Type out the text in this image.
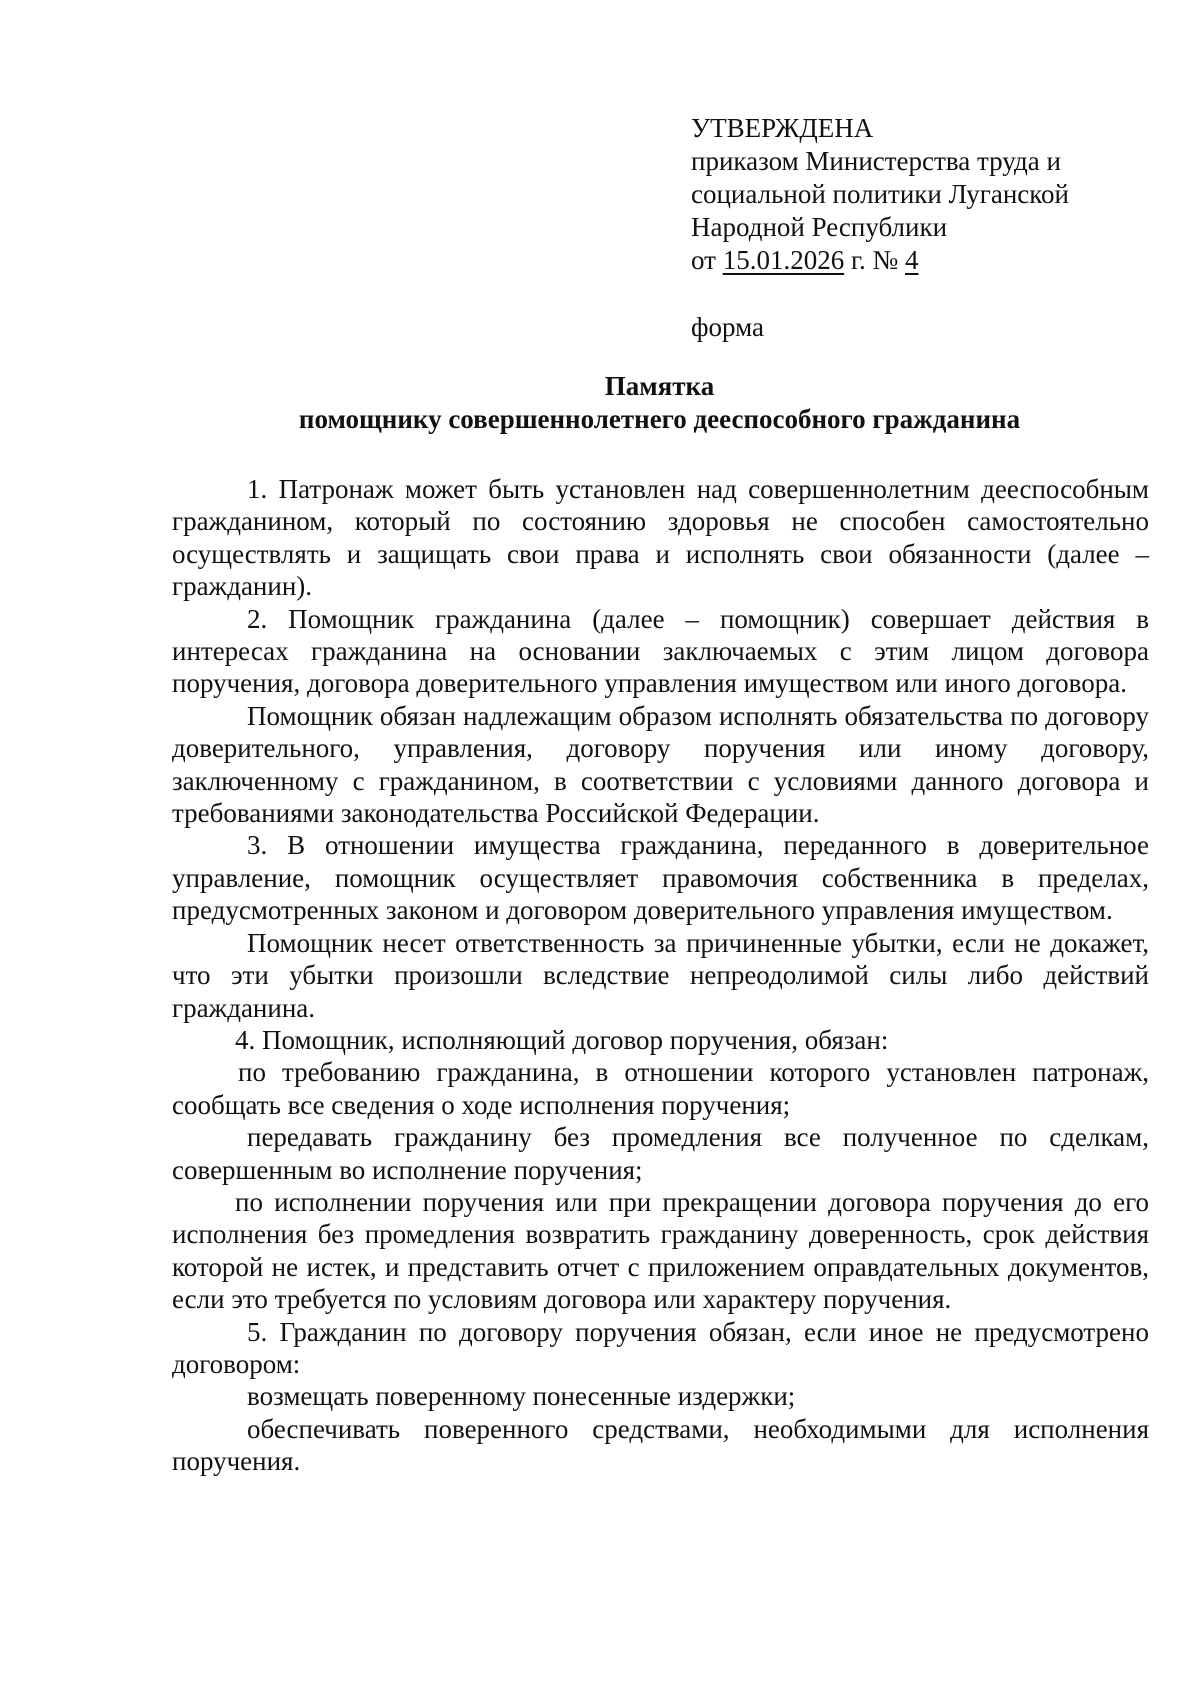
УТВЕРЖДЕНА
приказом Министерства труда и
социальной политики Луганской
Народной Республики
от 15.01.2026 г. № 4
форма
Памятка
помощнику совершеннолетнего дееспособного гражданина

1. Патронаж может быть установлен над совершеннолетним дееспособным гражданином, который по состоянию здоровья не способен самостоятельно осуществлять и защищать свои права и исполнять свои обязанности (далее – гражданин).

2. Помощник гражданина (далее – помощник) совершает действия в интересах гражданина на основании заключаемых с этим лицом договора поручения, договора доверительного управления имуществом или иного договора.

Помощник обязан надлежащим образом исполнять обязательства по договору доверительного, управления, договору поручения или иному договору, заключенному с гражданином, в соответствии с условиями данного договора и требованиями законодательства Российской Федерации.

3. В отношении имущества гражданина, переданного в доверительное управление, помощник осуществляет правомочия собственника в пределах, предусмотренных законом и договором доверительного управления имуществом.

Помощник несет ответственность за причиненные убытки, если не докажет, что эти убытки произошли вследствие непреодолимой силы либо действий гражданина.

4. Помощник, исполняющий договор поручения, обязан:

по требованию гражданина, в отношении которого установлен патронаж, сообщать все сведения о ходе исполнения поручения;

передавать гражданину без промедления все полученное по сделкам, совершенным во исполнение поручения;

по исполнении поручения или при прекращении договора поручения до его исполнения без промедления возвратить гражданину доверенность, срок действия которой не истек, и представить отчет с приложением оправдательных документов, если это требуется по условиям договора или характеру поручения.

5. Гражданин по договору поручения обязан, если иное не предусмотрено договором:

возмещать поверенному понесенные издержки;

обеспечивать поверенного средствами, необходимыми для исполнения поручения.
